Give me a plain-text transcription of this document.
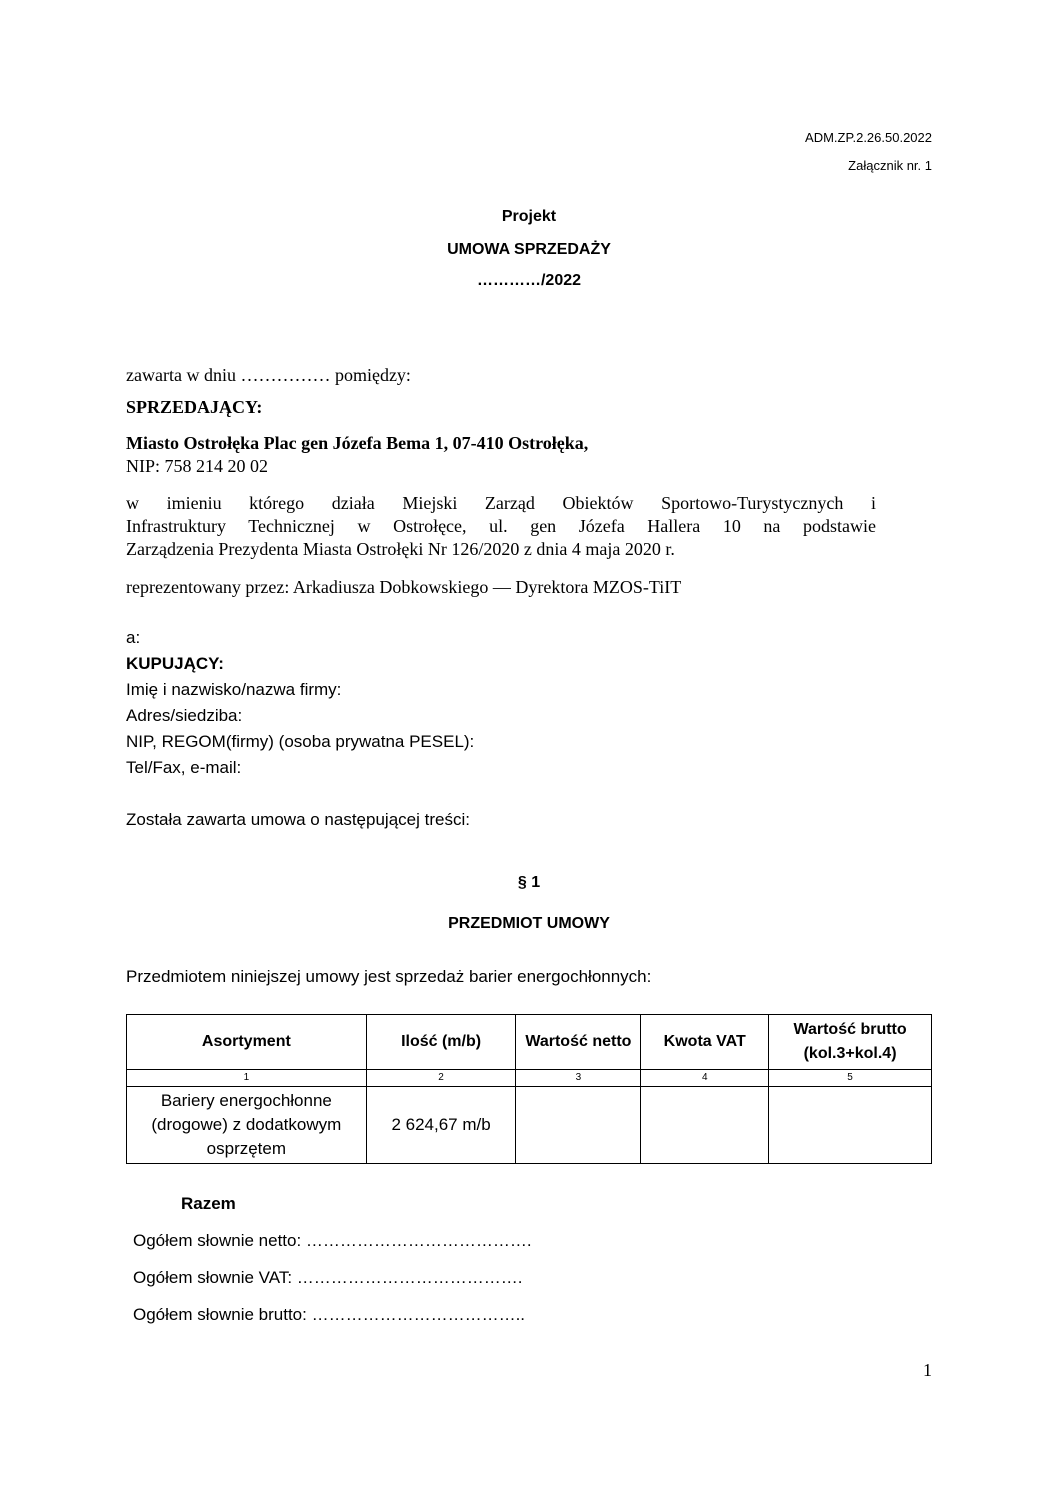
ADM.ZP.2.26.50.2022
Załącznik nr. 1
Projekt
UMOWA SPRZEDAŻY
…………/2022
zawarta w dniu …………… pomiędzy:
SPRZEDAJĄCY:
Miasto Ostrołęka Plac gen Józefa Bema 1, 07-410 Ostrołęka,
NIP: 758 214 20 02
w imieniu którego działa Miejski Zarząd Obiektów Sportowo-Turystycznych i
Infrastruktury Technicznej w Ostrołęce, ul. gen Józefa Hallera 10 na podstawie
Zarządzenia Prezydenta Miasta Ostrołęki Nr 126/2020 z dnia 4 maja 2020 r.
reprezentowany przez: Arkadiusza Dobkowskiego — Dyrektora MZOS-TiIT
a:
KUPUJĄCY:
Imię i nazwisko/nazwa firmy:
Adres/siedziba:
NIP, REGOM(firmy) (osoba prywatna PESEL):
Tel/Fax, e-mail:
Została zawarta umowa o następującej treści:
§ 1
PRZEDMIOT UMOWY
Przedmiotem niniejszej umowy jest sprzedaż barier energochłonnych:
Asortyment	Ilość (m/b)	Wartość netto	Kwota VAT	Wartość brutto (kol.3+kol.4)
1	2	3	4	5
Bariery energochłonne (drogowe) z dodatkowym osprzętem	2 624,67 m/b			
Razem
Ogółem słownie netto: ………………………………….
Ogółem słownie VAT: ………………………………….
Ogółem słownie brutto: ………………………………..
1
